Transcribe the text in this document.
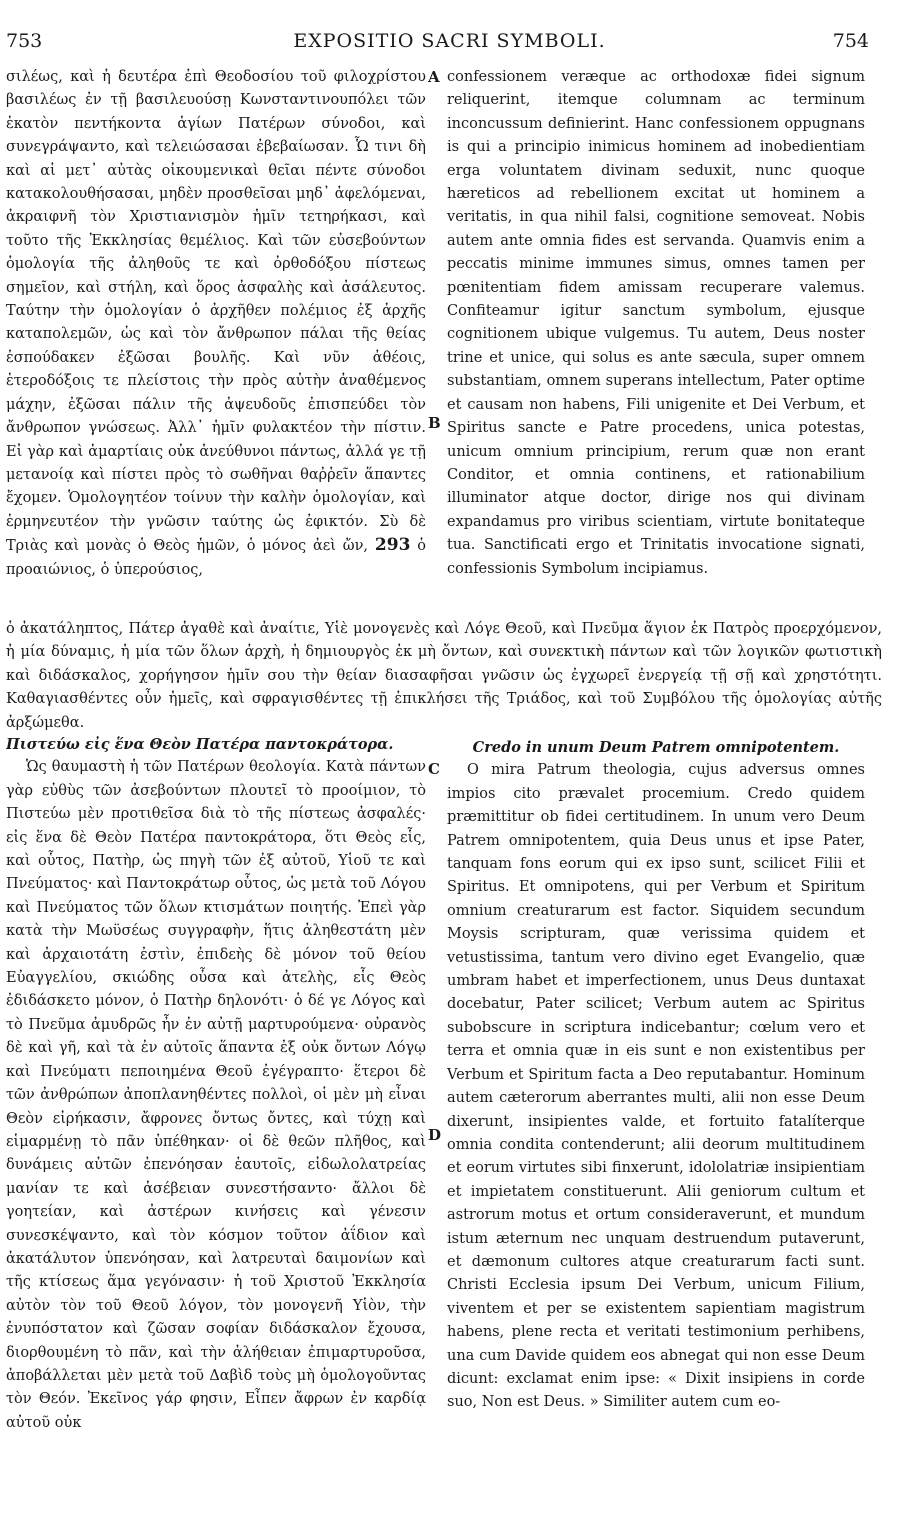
753	EXPOSITIO SACRI SYMBOLI.	754

σιλέως, καὶ ἡ δευτέρα ἐπὶ Θεοδοσίου τοῦ φιλοχρίστου βασιλέως ἐν τῇ βασιλευούσῃ Κωνσταντινουπόλει τῶν ἑκατὸν πεντήκοντα ἁγίων Πατέρων σύνοδοι, καὶ συνεγράψαντο, καὶ τελειώσασαι ἐβεβαίωσαν. Ὧ τινι δὴ καὶ αἱ μετ᾽ αὐτὰς οἰκουμενικαὶ θεῖαι πέντε σύνοδοι κατακολουθήσασαι, μηδὲν προσθεῖσαι μηδ᾽ ἀφελόμεναι, ἀκραιφνῆ τὸν Χριστιανισμὸν ἡμῖν τετηρήκασι, καὶ τοῦτο τῆς Ἐκκλησίας θεμέλιος. Καὶ τῶν εὐσεβούντων ὁμολογία τῆς ἀληθοῦς τε καὶ ὀρθοδόξου πίστεως σημεῖον, καὶ στήλη, καὶ ὅρος ἀσφαλὴς καὶ ἀσάλευτος. Ταύτην τὴν ὁμολογίαν ὁ ἀρχῆθεν πολέμιος ἐξ ἀρχῆς καταπολεμῶν, ὡς καὶ τὸν ἄνθρωπον πάλαι τῆς θείας ἐσπούδακεν ἐξῶσαι βουλῆς. Καὶ νῦν ἀθέοις, ἑτεροδόξοις τε πλείστοις τὴν πρὸς αὐτὴν ἀναθέμενος μάχην, ἐξῶσαι πάλιν τῆς ἀψευδοῦς ἐπισπεύδει τὸν ἄνθρωπον γνώσεως. Ἀλλ᾽ ἡμῖν φυλακτέον τὴν πίστιν. Εἰ γὰρ καὶ ἁμαρτίαις οὐκ ἀνεύθυνοι πάντως, ἀλλά γε τῇ μετανοίᾳ καὶ πίστει πρὸς τὸ σωθῆναι θαῤῥεῖν ἅπαντες ἔχομεν. Ὁμολογητέον τοίνυν τὴν καλὴν ὁμολογίαν, καὶ ἑρμηνευτέον τὴν γνῶσιν ταύτης ὡς ἐφικτόν. Σὺ δὲ Τριὰς καὶ μονὰς ὁ Θεὸς ἡμῶν, ὁ μόνος ἀεὶ ὤν, 293 ὁ προαιώνιος, ὁ ὑπερούσιος,

confessionem veræque ac orthodoxæ fidei signum reliquerint, itemque columnam ac terminum inconcussum definierint. Hanc confessionem oppugnans is qui a principio inimicus hominem ad inobedientiam erga voluntatem divinam seduxit, nunc quoque hæreticos ad rebellionem excitat ut hominem a veritatis, in qua nihil falsi, cognitione semoveat. Nobis autem ante omnia fides est servanda. Quamvis enim a peccatis minime immunes simus, omnes tamen per pœnitentiam fidem amissam recuperare valemus. Confiteamur igitur sanctum symbolum, ejusque cognitionem ubique vulgemus. Tu autem, Deus noster trine et unice, qui solus es ante sæcula, super omnem substantiam, omnem superans intellectum, Pater optime et causam non habens, Fili unigenite et Dei Verbum, et Spiritus sancte e Patre procedens, unica potestas, unicum omnium principium, rerum quæ non erant Conditor, et omnia continens, et rationabilium illuminator atque doctor, dirige nos qui divinam expandamus pro viribus scientiam, virtute bonitateque tua. Sanctificati ergo et Trinitatis invocatione signati, confessionis Symbolum incipiamus.

ὁ ἀκατάληπτος, Πάτερ ἀγαθὲ καὶ ἀναίτιε, Υἱὲ μονογενὲς καὶ Λόγε Θεοῦ, καὶ Πνεῦμα ἅγιον ἐκ Πατρὸς προερχόμενον, ἡ μία δύναμις, ἡ μία τῶν ὅλων ἀρχὴ, ἡ δημιουργὸς ἐκ μὴ ὄντων, καὶ συνεκτικὴ πάντων καὶ τῶν λογικῶν φωτιστικὴ καὶ διδάσκαλος, χορήγησον ἡμῖν σου τὴν θείαν διασαφῆσαι γνῶσιν ὡς ἐγχωρεῖ ἐνεργείᾳ τῇ σῇ καὶ χρηστότητι. Καθαγιασθέντες οὖν ἡμεῖς, καὶ σφραγισθέντες τῇ ἐπικλήσει τῆς Τριάδος, καὶ τοῦ Συμβόλου τῆς ὁμολογίας αὐτῆς ἀρξώμεθα.

Πιστεύω εἰς ἕνα Θεὸν Πατέρα παντοκράτορα.

Ὡς θαυμαστὴ ἡ τῶν Πατέρων θεολογία. Κατὰ πάντων γὰρ εὐθὺς τῶν ἀσεβούντων πλουτεῖ τὸ προοίμιον, τὸ Πιστεύω μὲν προτιθεῖσα διὰ τὸ τῆς πίστεως ἀσφαλές· εἰς ἕνα δὲ Θεὸν Πατέρα παντοκράτορα, ὅτι Θεὸς εἷς, καὶ οὗτος, Πατὴρ, ὡς πηγὴ τῶν ἐξ αὐτοῦ, Υἱοῦ τε καὶ Πνεύματος· καὶ Παντοκράτωρ οὗτος, ὡς μετὰ τοῦ Λόγου καὶ Πνεύματος τῶν ὅλων κτισμάτων ποιητής. Ἐπεὶ γὰρ κατὰ τὴν Μωϋσέως συγγραφὴν, ἥτις ἀληθεστάτη μὲν καὶ ἀρχαιοτάτη ἐστὶν, ἐπιδεὴς δὲ μόνον τοῦ θείου Εὐαγγελίου, σκιώδης οὖσα καὶ ἀτελὴς, εἷς Θεὸς ἐδιδάσκετο μόνον, ὁ Πατὴρ δηλονότι· ὁ δέ γε Λόγος καὶ τὸ Πνεῦμα ἀμυδρῶς ἦν ἐν αὐτῇ μαρτυρούμενα· οὐρανὸς δὲ καὶ γῆ, καὶ τὰ ἐν αὐτοῖς ἅπαντα ἐξ οὐκ ὄντων Λόγῳ καὶ Πνεύματι πεποιημένα Θεοῦ ἐγέγραπτο· ἕτεροι δὲ τῶν ἀνθρώπων ἀποπλανηθέντες πολλοὶ, οἱ μὲν μὴ εἶναι Θεὸν εἰρήκασιν, ἄφρονες ὄντως ὄντες, καὶ τύχῃ καὶ εἱμαρμένῃ τὸ πᾶν ὑπέθηκαν· οἱ δὲ θεῶν πλῆθος, καὶ δυνάμεις αὐτῶν ἐπενόησαν ἑαυτοῖς, εἰδωλολατρείας μανίαν τε καὶ ἀσέβειαν συνεστήσαντο· ἄλλοι δὲ γοητείαν, καὶ ἀστέρων κινήσεις καὶ γένεσιν συνεσκέψαντο, καὶ τὸν κόσμον τοῦτον ἀΐδιον καὶ ἀκατάλυτον ὑπενόησαν, καὶ λατρευταὶ δαιμονίων καὶ τῆς κτίσεως ἅμα γεγόνασιν· ἡ τοῦ Χριστοῦ Ἐκκλησία αὐτὸν τὸν τοῦ Θεοῦ λόγον, τὸν μονογενῆ Υἱὸν, τὴν ἐνυπόστατον καὶ ζῶσαν σοφίαν διδάσκαλον ἔχουσα, διορθουμένη τὸ πᾶν, καὶ τὴν ἀλήθειαν ἐπιμαρτυροῦσα, ἀποβάλλεται μὲν μετὰ τοῦ Δαβὶδ τοὺς μὴ ὁμολογοῦντας τὸν Θεόν. Ἐκεῖνος γάρ φησιν, Εἶπεν ἄφρων ἐν καρδίᾳ αὐτοῦ οὐκ

Credo in unum Deum Patrem omnipotentem.

O mira Patrum theologia, cujus adversus omnes impios cito prævalet procemium. Credo quidem præmittitur ob fidei certitudinem. In unum vero Deum Patrem omnipotentem, quia Deus unus et ipse Pater, tanquam fons eorum qui ex ipso sunt, scilicet Filii et Spiritus. Et omnipotens, qui per Verbum et Spiritum omnium creaturarum est factor. Siquidem secundum Moysis scripturam, quæ verissima quidem et vetustissima, tantum vero divino eget Evangelio, quæ umbram habet et imperfectionem, unus Deus duntaxat docebatur, Pater scilicet; Verbum autem ac Spiritus subobscure in scriptura indicebantur; cœlum vero et terra et omnia quæ in eis sunt e non existentibus per Verbum et Spiritum facta a Deo reputabantur. Hominum autem cæterorum aberrantes multi, alii non esse Deum dixerunt, insipientes valde, et fortuito fatalíterque omnia condita contenderunt; alii deorum multitudinem et eorum virtutes sibi finxerunt, idololatriæ insipientiam et impietatem constituerunt. Alii geniorum cultum et astrorum motus et ortum consideraverunt, et mundum istum æternum nec unquam destruendum putaverunt, et dæmonum cultores atque creaturarum facti sunt. Christi Ecclesia ipsum Dei Verbum, unicum Filium, viventem et per se existentem sapientiam magistrum habens, plene recta et veritati testimonium perhibens, una cum Davide quidem eos abnegat qui non esse Deum dicunt: exclamat enim ipse: « Dixit insipiens in corde suo, Non est Deus. » Similiter autem cum eo-

A
B
C
D
